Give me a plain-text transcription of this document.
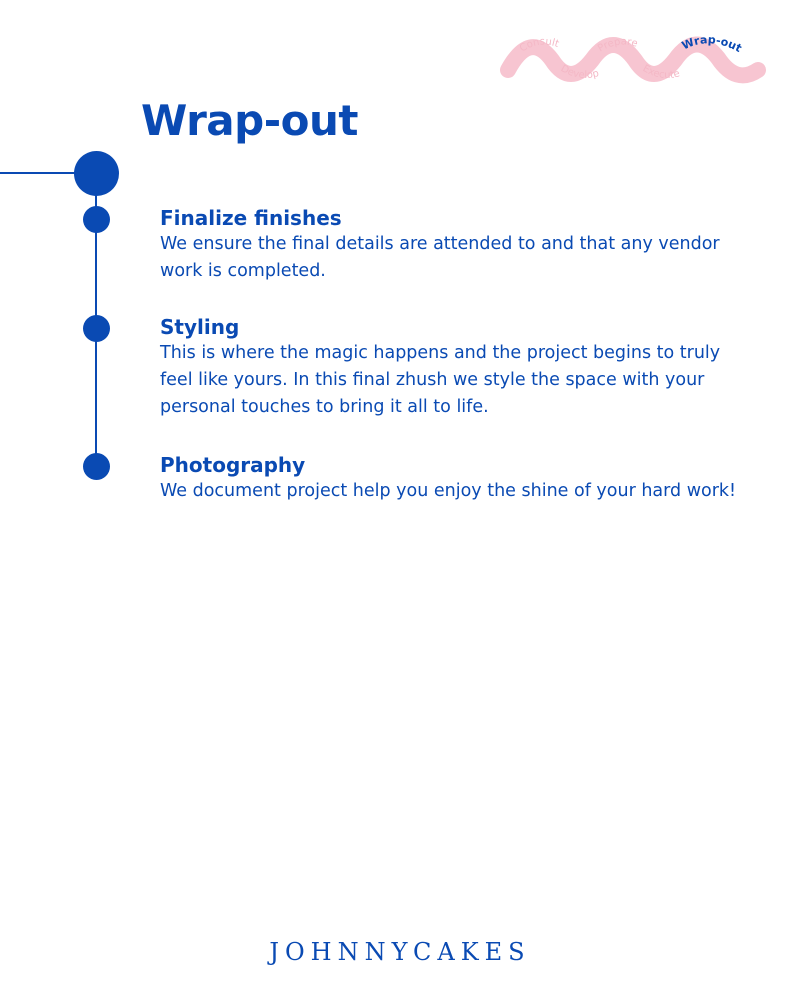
Consult
Develop
Prepare
Execute
Wrap-out
Wrap-out
Finalize finishes

We ensure the final details are attended to and that any vendor work is completed.

Styling

This is where the magic happens and the project begins to truly feel like yours. In this final zhush we style the space with your personal touches to bring it all to life.

Photography

We document project help you enjoy the shine of your hard work!

JOHNNYCAKES
